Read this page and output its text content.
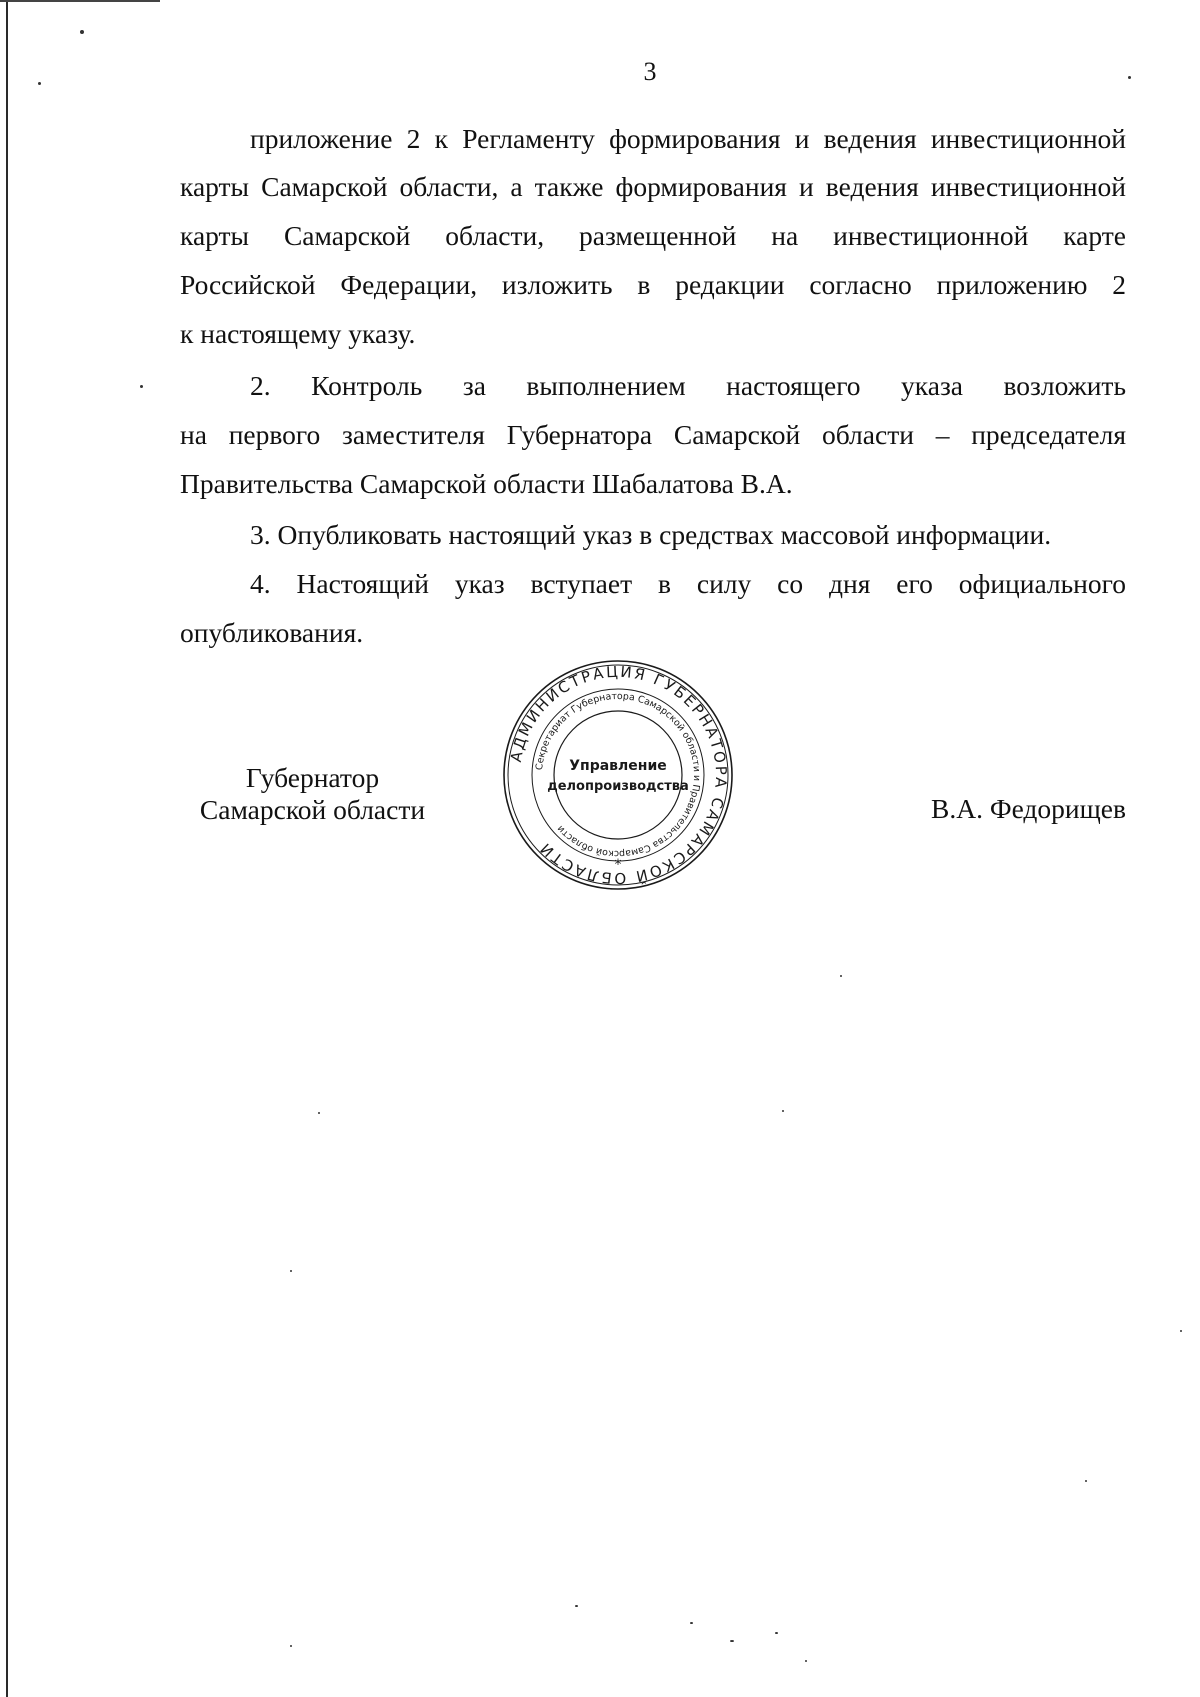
3
приложение 2 к Регламенту формирования и ведения инвестиционной
карты Самарской области, а также формирования и ведения инвестиционной
карты Самарской области, размещенной на инвестиционной карте
Российской Федерации, изложить в редакции согласно приложению 2
к настоящему указу.
2. Контроль за выполнением настоящего указа возложить
на первого заместителя Губернатора Самарской области – председателя
Правительства Самарской области Шабалатова В.А.
3. Опубликовать настоящий указ в средствах массовой информации.
4. Настоящий указ вступает в силу со дня его официального
опубликования.
Губернатор
Самарской области	В.А. Федорищев
АДМИНИСТРАЦИЯ ГУБЕРНАТОРА САМАРСКОЙ ОБЛАСТИ
Секретариат Губернатора Самарской области и Правительства Самарской области
Управление
делопроизводства
*
